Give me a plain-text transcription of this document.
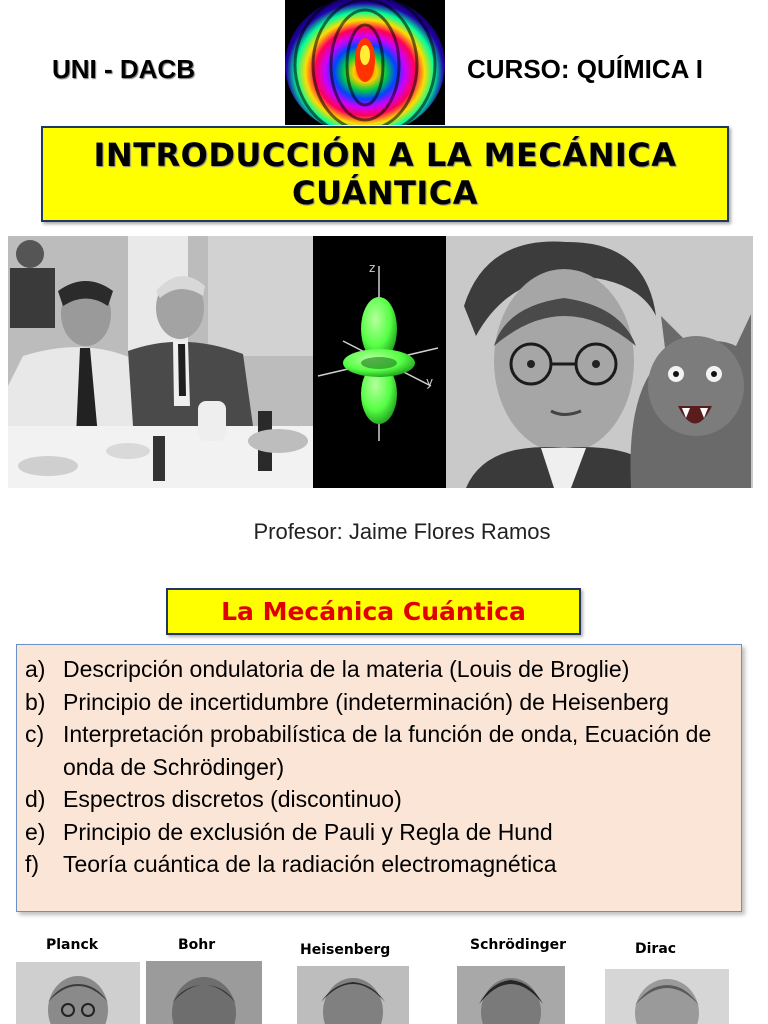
UNI - DACB	CURSO: QUÍMICA I
INTRODUCCIÓN A LA MECÁNICA
CUÁNTICA
z
y
Profesor: Jaime Flores Ramos
La Mecánica Cuántica
a) Descripción ondulatoria de la materia (Louis de Broglie)
b) Principio de incertidumbre (indeterminación) de Heisenberg
c) Interpretación probabilística de la función de onda, Ecuación de onda de Schrödinger)
d) Espectros discretos (discontinuo)
e) Principio de exclusión de Pauli y Regla de Hund
f)	Teoría cuántica de la radiación electromagnética
Planck	Bohr	Heisenberg	Schrödinger	Dirac
